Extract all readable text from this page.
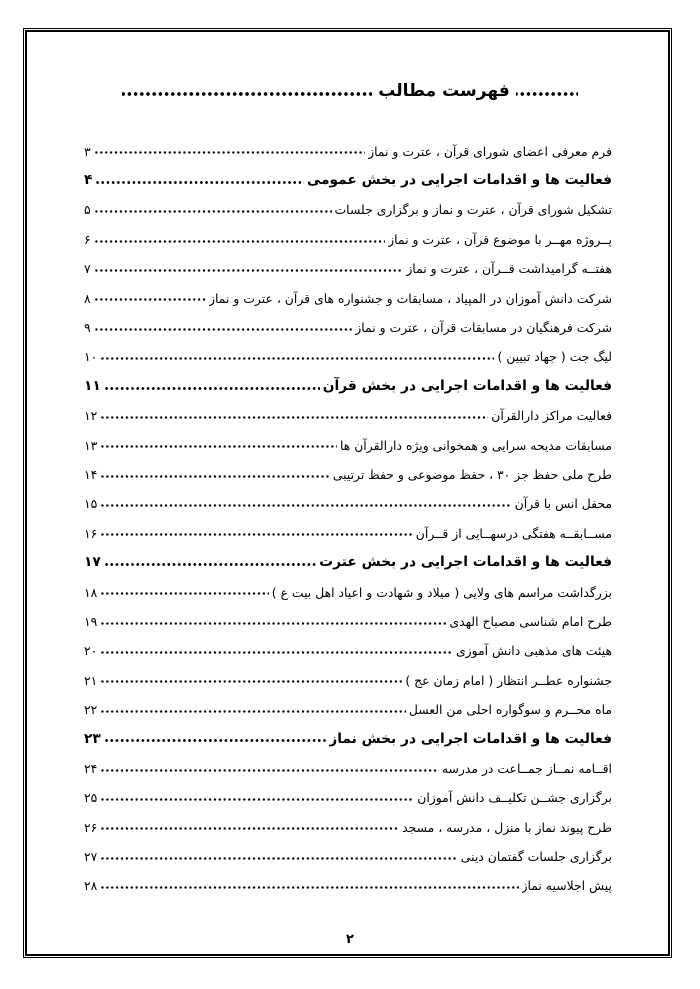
فهرست مطالب
فرم معرفی اعضای شورای قرآن ، عترت و نماز
۳
فعالیت ها و اقدامات اجرایی در بخش عمومی
۴
تشکیل شورای قرآن ، عترت و نماز و برگزاری جلسات
۵
پــروژه مهــر با موضوع قرآن ، عترت و نماز
۶
هفتــه گرامیداشت قــرآن ، عترت و نماز
۷
شرکت دانش آموزان در المپیاد ، مسابقات و جشنواره های قرآن ، عترت و نماز
۸
شرکت فرهنگیان در مسابقات قرآن ، عترت و نماز
۹
لیگ جت ( جهاد تبیین )
۱۰
فعالیت ها و اقدامات اجرایی در بخش قرآن
۱۱
فعالیت مراکز دارالقرآن
۱۲
مسابقات مدیحه سرایی و همخوانی ویژه دارالقرآن ها
۱۳
طرح ملی حفظ جز ۳۰ ، حفظ موضوعی و حفظ ترتیبی
۱۴
محفل انس با قرآن
۱۵
مســابقــه هفتگی درسهــایی از قــرآن
۱۶
فعالیت ها و اقدامات اجرایی در بخش عترت
۱۷
بزرگداشت مراسم های ولایی ( میلاد و شهادت و اعیاد اهل بیت ع )
۱۸
طرح امام شناسی مصباح الهدی
۱۹
هیئت های مذهبی دانش آموزی
۲۰
جشنواره عطــر انتظار ( امام زمان عج )
۲۱
ماه محــرم و سوگواره احلی من العسل
۲۲
فعالیت ها و اقدامات اجرایی در بخش نماز
۲۳
اقــامه نمــاز جمــاعت در مدرسه
۲۴
برگزاری جشــن تکلیــف دانش آموزان
۲۵
طرح پیوند نماز با منزل ، مدرسه ، مسجد
۲۶
برگزاری جلسات گفتمان دینی
۲۷
پیش اجلاسیه نماز
۲۸
۲
